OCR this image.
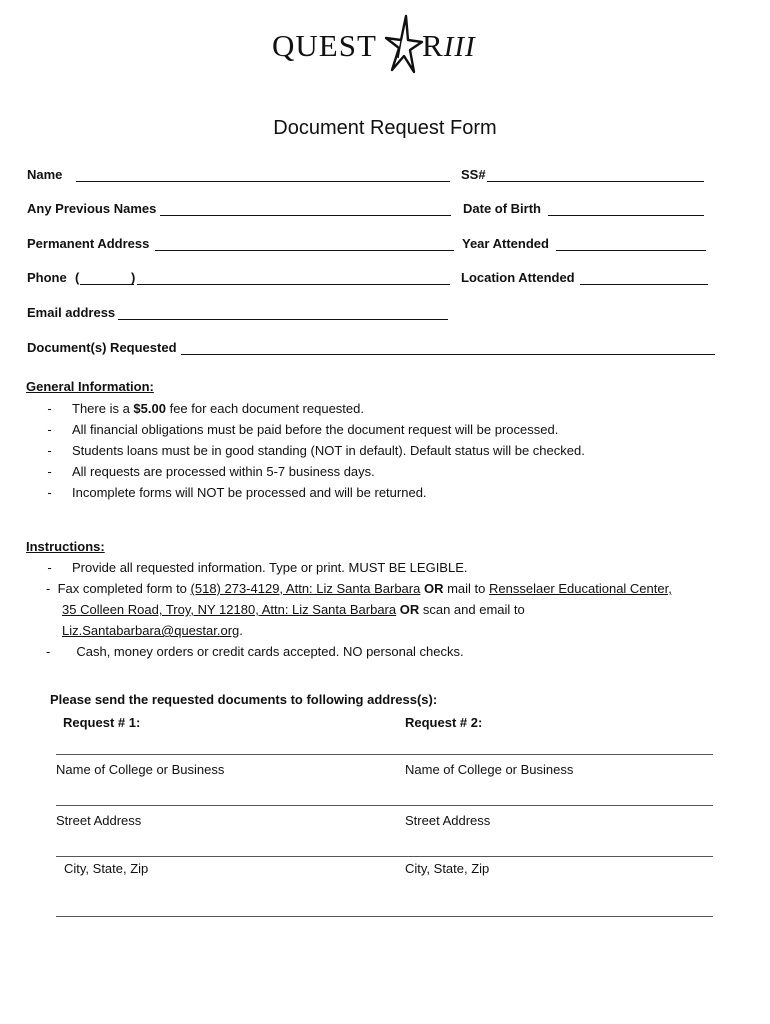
QUEST RIII
Document Request Form
Name	SS#
Any Previous Names	Date of Birth
Permanent Address	Year Attended
Phone (	)	Location Attended
Email address
Document(s) Requested
General Information:
- There is a $5.00 fee for each document requested.
- All financial obligations must be paid before the document request will be processed.
- Students loans must be in good standing (NOT in default). Default status will be checked.
- All requests are processed within 5-7 business days.
- Incomplete forms will NOT be processed and will be returned.
Instructions:
- Provide all requested information. Type or print. MUST BE LEGIBLE.
- Fax completed form to (518) 273-4129, Attn: Liz Santa Barbara OR mail to Rensselaer Educational Center,
35 Colleen Road, Troy, NY 12180, Attn: Liz Santa Barbara OR scan and email to
Liz.Santabarbara@questar.org.
- Cash, money orders or credit cards accepted. NO personal checks.
Please send the requested documents to following address(s):
Request # 1:	Request # 2:
Name of College or Business	Name of College or Business
Street Address	Street Address
City, State, Zip	City, State, Zip
